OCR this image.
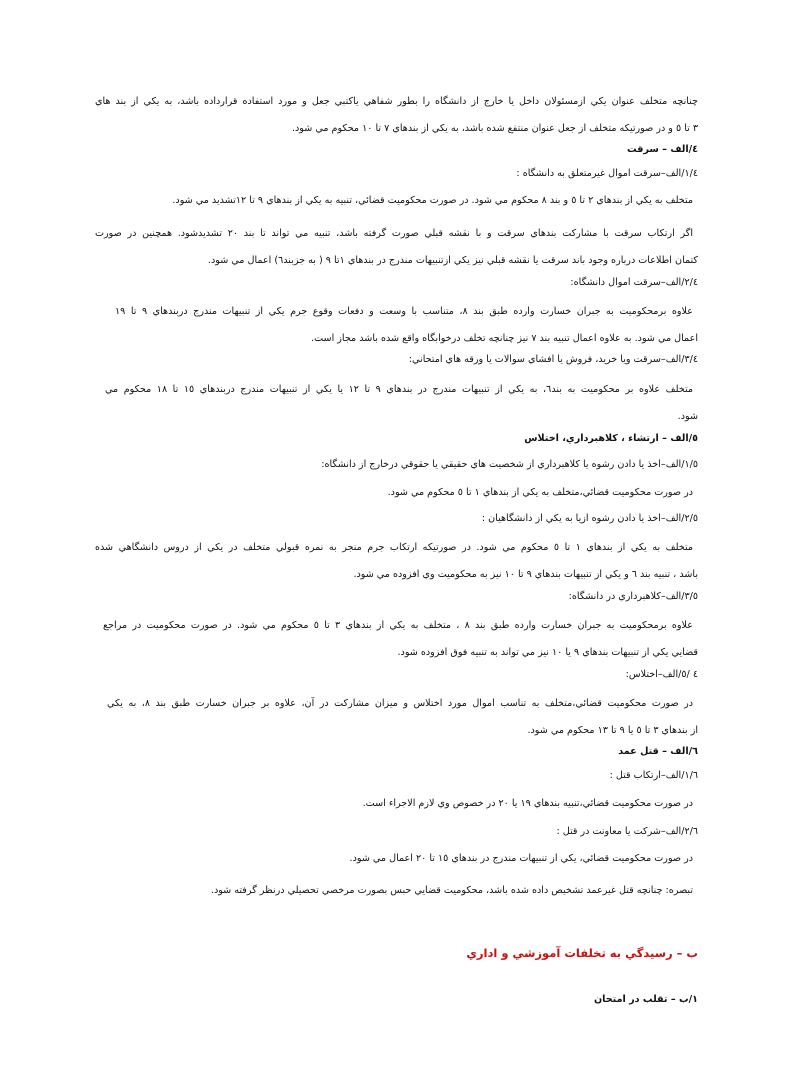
چنانچه متخلف عنوان يكي ازمسئولان داخل يا خارج از دانشگاه را بطور شفاهي ياكتبي جعل و مورد استفاده قرارداده باشد، به يكي از بند هاي
۳ تا ٥ و در صورتيكه متخلف از جعل عنوان منتفع شده باشد، به يكي از بندهاي ۷ تا ١٠ محكوم مي شود.
٤/الف – سرقت
٤/۱/الف–سرقت اموال غيرمتعلق به دانشگاه :
متخلف به يكي از بندهاي ۲ تا ٥ و بند ۸ محكوم مي شود. در صورت محكوميت قضائي، تنبيه به يكي از بندهاي ۹ تا ۱۲تشديد مي شود.
اگر ارتكاب سرقت با مشاركت بندهاي سرقت و با نقشه قبلي صورت گرفته باشد، تنبيه مي تواند تا بند ٢٠ تشديدشود. همچنين در صورت
كتمان اطلاعات درباره وجود باند سرقت يا نقشه قبلي نيز يكي ازتنبيهات مندرج در بندهاي ١تا ۹ ( به جزبند٦) اعمال مي شود.
٤/۲/الف–سرقت اموال دانشگاه:
علاوه برمحكوميت به جبران خسارت وارده طبق بند ۸، متناسب با وسعت و دفعات وقوع جرم يكي از تنبيهات مندرج دربندهاي ۹ تا ۱۹
اعمال مي شود. به علاوه اعمال تنبيه بند ۷ نيز چنانچه تخلف درخوابگاه واقع شده باشد مجاز است.
٤/۳/الف–سرقت ويا خريد، فروش يا افشاي سوالات يا ورقه هاي امتحاني:
متخلف علاوه بر محكوميت به بند٦، به يكي از تنبيهات مندرج در بندهاي ۹ تا ۱۲ يا يكي از تنبيهات مندرج دربندهاي ۱٥ تا ۱۸ محكوم مي
شود.
٥/الف – ارتشاء ، كلاهبرداري، اختلاس
٥/۱/الف–اخذ يا دادن رشوه يا كلاهبرداري از شخصيت هاي حقيقي يا حقوقي درخارج از دانشگاه:
در صورت محكوميت قضائي،متخلف به يكي از بندهاي ۱ تا ٥ محكوم مي شود.
٥/۲/الف–اخذ يا دادن رشوه ازيا به يكي از دانشگاهيان :
متخلف به يكي از بندهاي ۱ تا ٥ محكوم مي شود. در صورتيكه ارتكاب جرم منجر به نمره قبولي متخلف در يكي از دروس دانشگاهي شده
باشد ، تنبيه بند ٦ و يكي از تنبيهات بندهاي ۹ تا ١٠ نيز به محكوميت وي افزوده مي شود.
٥/۳/الف–كلاهبرداري در دانشگاه:
علاوه برمحكوميت به جبران خسارت وارده طبق بند ۸ ، متخلف به يكي از بندهاي ۳ تا ٥ محكوم مي شود. در صورت محكوميت در مراجع
قضايي يكي از تنبيهات بندهاي ۹ يا ١٠ نيز مي تواند به تنبيه فوق افزوده شود.
٤ /٥/الف–اختلاس:
در صورت محكوميت قضائي،متخلف به تناسب اموال مورد اختلاس و ميزان مشاركت در آن، علاوه بر جبران خسارت طبق بند ۸، به يكي
از بندهاي ۳ تا ٥ يا ۹ تا ۱۳ محكوم مي شود.
٦/الف – قتل عمد
٦/۱/الف–ارتكاب قتل :
در صورت محكوميت قضائي،تنبيه بندهاي ۱۹ يا ٢٠ در خصوص وي لازم الاجراء است.
٦/۲/الف–شركت يا معاونت در قتل :
در صورت محكوميت قضائي، يكي از تنبيهات مندرج در بندهاي ۱٥ تا ٢٠ اعمال مي شود.
تبصره: چنانچه قتل غيرعمد تشخيص داده شده باشد، محكوميت قضايي حبس بصورت مرخصي تحصيلي درنظر گرفته شود.
ب – رسيدگي به تخلفات آموزشي و اداري
۱/ب – تقلب در امتحان
